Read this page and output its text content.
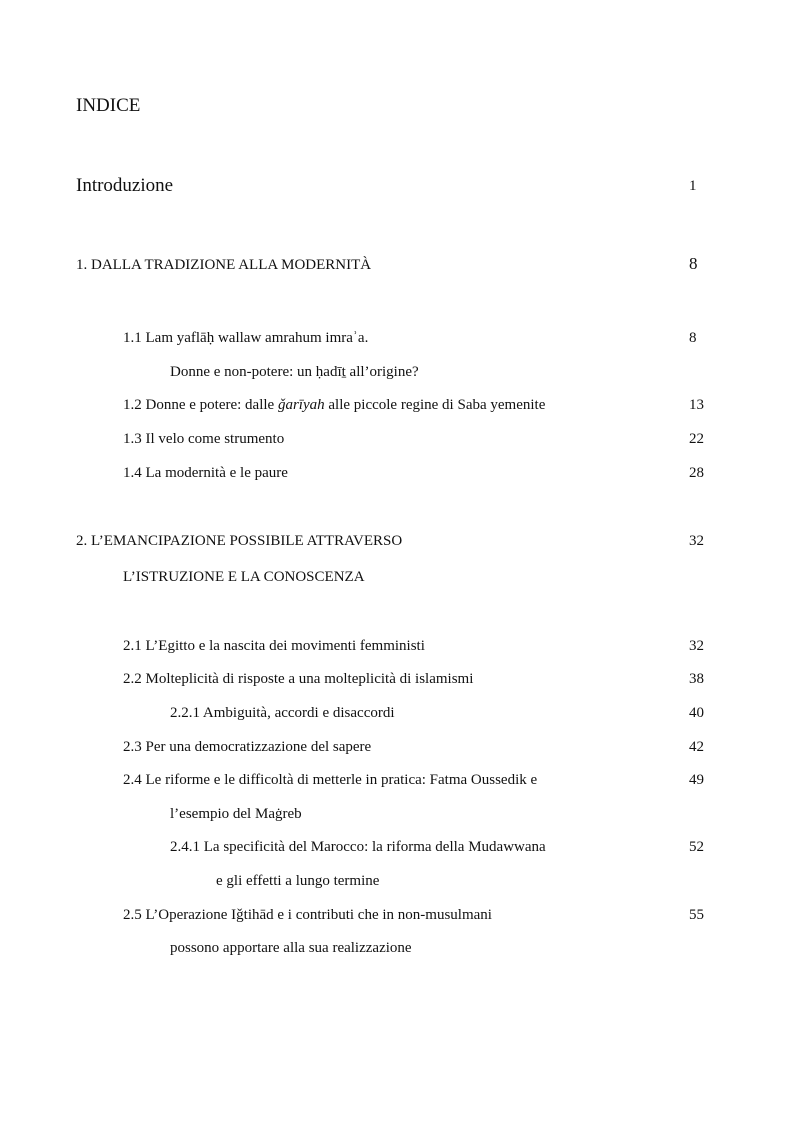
INDICE
Introduzione	1
1. DALLA TRADIZIONE ALLA MODERNITÀ	8
1.1 Lam yaflāḥ wallaw amrahum imraʾa.	8
Donne e non-potere: un ḥadīṯ all’origine?
1.2 Donne e potere: dalle ǧarīyah alle piccole regine di Saba yemenite	13
1.3 Il velo come strumento	22
1.4 La modernità e le paure	28
2. L’EMANCIPAZIONE POSSIBILE ATTRAVERSO	32
L’ISTRUZIONE E LA CONOSCENZA
2.1 L’Egitto e la nascita dei movimenti femministi	32
2.2 Molteplicità di risposte a una molteplicità di islamismi	38
2.2.1 Ambiguità, accordi e disaccordi	40
2.3 Per una democratizzazione del sapere	42
2.4 Le riforme e le difficoltà di metterle in pratica: Fatma Oussedik e	49
l’esempio del Maġreb
2.4.1 La specificità del Marocco: la riforma della Mudawwana	52
e gli effetti a lungo termine
2.5 L’Operazione Iǧtihād e i contributi che in non-musulmani	55
possono apportare alla sua realizzazione
